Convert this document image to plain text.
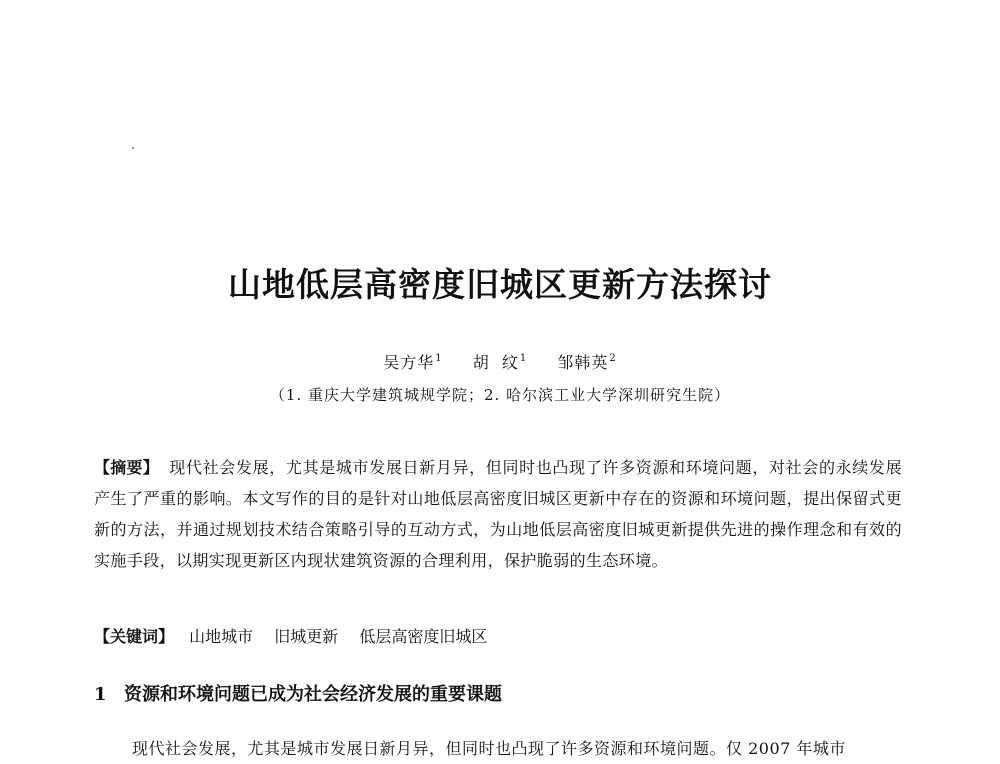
山地低层高密度旧城区更新方法探讨
吴方华$^1$ 胡  纹$^1$ 邹韩英$^2$
（1. 重庆大学建筑城规学院；2. 哈尔滨工业大学深圳研究生院）
【摘要】 现代社会发展，尤其是城市发展日新月异，但同时也凸现了许多资源和环境问题，对社会的永续发展产生了严重的影响。本文写作的目的是针对山地低层高密度旧城区更新中存在的资源和环境问题，提出保留式更新的方法，并通过规划技术结合策略引导的互动方式，为山地低层高密度旧城更新提供先进的操作理念和有效的实施手段，以期实现更新区内现状建筑资源的合理利用，保护脆弱的生态环境。
【关键词】 山地城市 旧城更新 低层高密度旧城区
1 资源和环境问题已成为社会经济发展的重要课题
现代社会发展，尤其是城市发展日新月异，但同时也凸现了许多资源和环境问题。仅 2007 年城市
